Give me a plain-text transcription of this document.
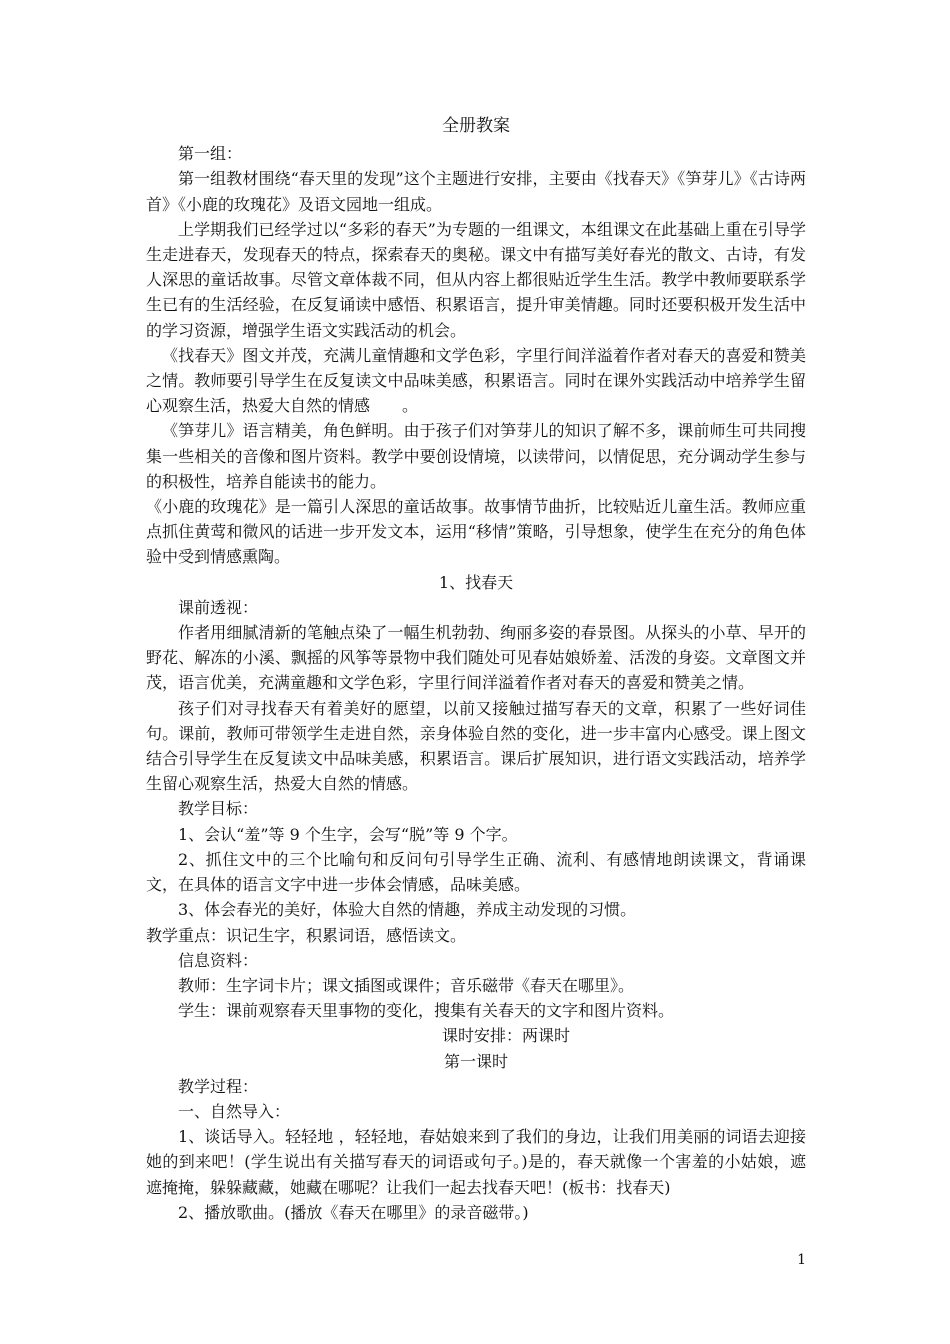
全册教案

第一组：

第一组教材围绕“春天里的发现”这个主题进行安排，主要由《找春天》《笋芽儿》《古诗两首》《小鹿的玫瑰花》及语文园地一组成。

上学期我们已经学过以“多彩的春天”为专题的一组课文，本组课文在此基础上重在引导学生走进春天，发现春天的特点，探索春天的奥秘。课文中有描写美好春光的散文、古诗，有发人深思的童话故事。尽管文章体裁不同，但从内容上都很贴近学生生活。教学中教师要联系学生已有的生活经验，在反复诵读中感悟、积累语言，提升审美情趣。同时还要积极开发生活中的学习资源，增强学生语文实践活动的机会。

《找春天》图文并茂，充满儿童情趣和文学色彩，字里行间洋溢着作者对春天的喜爱和赞美之情。教师要引导学生在反复读文中品味美感，积累语言。同时在课外实践活动中培养学生留心观察生活，热爱大自然的情感　　。

《笋芽儿》语言精美，角色鲜明。由于孩子们对笋芽儿的知识了解不多，课前师生可共同搜集一些相关的音像和图片资料。教学中要创设情境，以读带问，以情促思，充分调动学生参与的积极性，培养自能读书的能力。

《小鹿的玫瑰花》是一篇引人深思的童话故事。故事情节曲折，比较贴近儿童生活。教师应重点抓住黄莺和微风的话进一步开发文本，运用“移情”策略，引导想象，使学生在充分的角色体验中受到情感熏陶。

1、找春天

课前透视：

作者用细腻清新的笔触点染了一幅生机勃勃、绚丽多姿的春景图。从探头的小草、早开的野花、解冻的小溪、飘摇的风筝等景物中我们随处可见春姑娘娇羞、活泼的身姿。文章图文并茂，语言优美，充满童趣和文学色彩，字里行间洋溢着作者对春天的喜爱和赞美之情。

孩子们对寻找春天有着美好的愿望，以前又接触过描写春天的文章，积累了一些好词佳句。课前，教师可带领学生走进自然，亲身体验自然的变化，进一步丰富内心感受。课上图文结合引导学生在反复读文中品味美感，积累语言。课后扩展知识，进行语文实践活动，培养学生留心观察生活，热爱大自然的情感。

教学目标：

1、会认“羞”等 9 个生字，会写“脱”等 9 个字。

2、抓住文中的三个比喻句和反问句引导学生正确、流利、有感情地朗读课文，背诵课文，在具体的语言文字中进一步体会情感，品味美感。

3、体会春光的美好，体验大自然的情趣，养成主动发现的习惯。

教学重点：识记生字，积累词语，感悟读文。

信息资料：

教师：生字词卡片；课文插图或课件；音乐磁带《春天在哪里》。

学生：课前观察春天里事物的变化，搜集有关春天的文字和图片资料。

课时安排：两课时

第一课时

教学过程：

一、自然导入：

1、谈话导入。轻轻地 ，轻轻地，春姑娘来到了我们的身边，让我们用美丽的词语去迎接她的到来吧！(学生说出有关描写春天的词语或句子。)是的，春天就像一个害羞的小姑娘，遮遮掩掩，躲躲藏藏，她藏在哪呢？让我们一起去找春天吧！(板书：找春天)

2、播放歌曲。(播放《春天在哪里》的录音磁带。)

1
